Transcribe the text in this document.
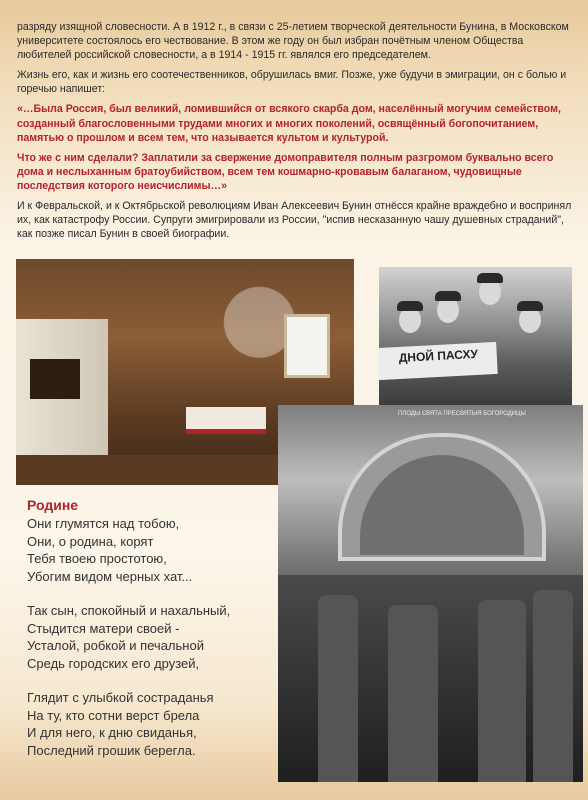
разряду изящной словесности. А в 1912 г., в связи с 25-летием творческой деятельности Бунина, в Московском университете состоялось его чествование. В этом же году он был избран почётным членом Общества любителей российской словесности, а в 1914 - 1915 гг. являлся его председателем.

Жизнь его, как и жизнь его соотечественников, обрушилась вмиг. Позже, уже будучи в эмиграции, он с болью и горечью напишет:

«…Была Россия, был великий, ломившийся от всякого скарба дом, населённый могучим семейством, созданный благословенными трудами многих и многих поколений, освящённый богопочитанием, памятью о прошлом и всем тем, что называется культом и культурой.

Что же с ним сделали? Заплатили за свержение домоправителя полным разгромом буквально всего дома и неслыханным братоубийством, всем тем кошмарно-кровавым балаганом, чудовищные последствия которого неисчислимы…»

И к Февральской, и к Октябрьской революциям Иван Алексеевич Бунин отнёсся крайне враждебно и воспринял их, как катастрофу России. Супруги эмигрировали из России, "испив несказанную чашу душевных страданий", как позже писал Бунин в своей биографии.

ДНОЙ ПАСХУ
ПЛОДЫ СВЯТА ПРЕСВЯТЫЯ БОГОРОДИЦЫ
Родине
Они глумятся над тобою,
Они, о родина, корят
Тебя твоею простотою,
Убогим видом черных хат...
Так сын, спокойный и нахальный,
Стыдится матери своей -
Усталой, робкой и печальной
Средь городских его друзей,
Глядит с улыбкой состраданья
На ту, кто сотни верст брела
И для него, к дню свиданья,
Последний грошик берегла.
